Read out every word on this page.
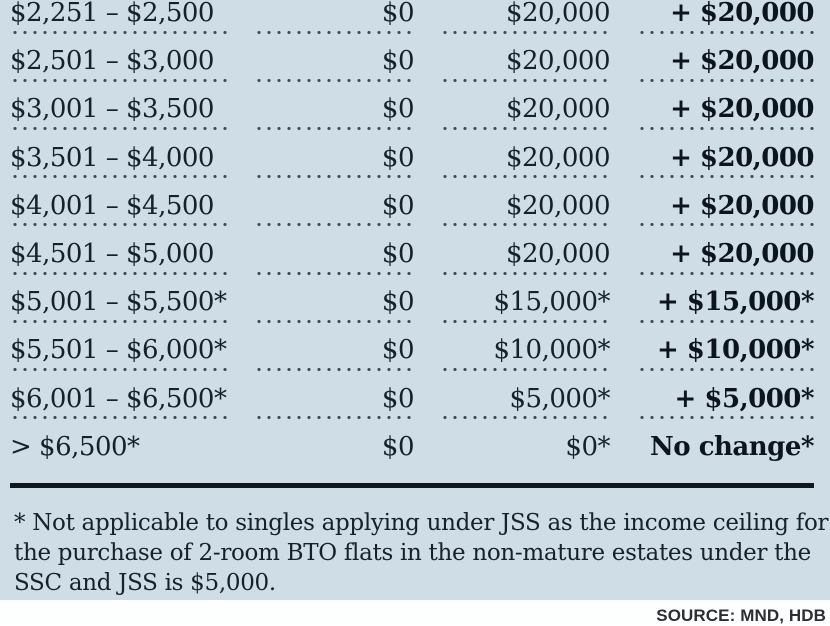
$2,251 – $2,500	$0	$20,000	+ $20,000
$2,501 – $3,000	$0	$20,000	+ $20,000
$3,001 – $3,500	$0	$20,000	+ $20,000
$3,501 – $4,000	$0	$20,000	+ $20,000
$4,001 – $4,500	$0	$20,000	+ $20,000
$4,501 – $5,000	$0	$20,000	+ $20,000
$5,001 – $5,500*	$0	$15,000*	+ $15,000*
$5,501 – $6,000*	$0	$10,000*	+ $10,000*
$6,001 – $6,500*	$0	$5,000*	+ $5,000*
> $6,500*	$0	$0*	No change*
* Not applicable to singles applying under JSS as the income ceiling for
the purchase of 2-room BTO flats in the non-mature estates under the
SSC and JSS is $5,000.
SOURCE: MND, HDB
